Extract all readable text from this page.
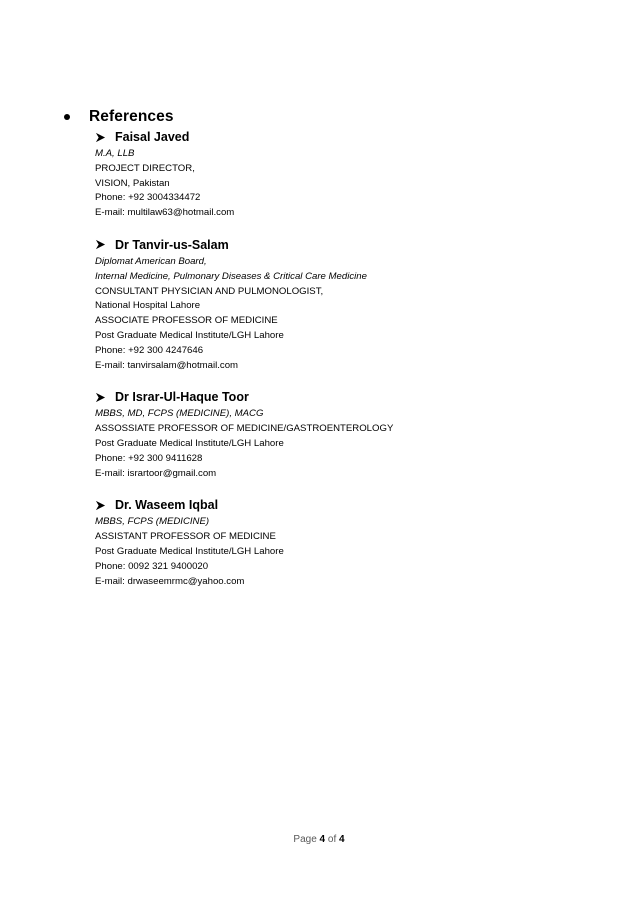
References
Faisal Javed
M.A, LLB
PROJECT DIRECTOR,
VISION, Pakistan
Phone: +92 3004334472
E-mail: multilaw63@hotmail.com
Dr Tanvir-us-Salam
Diplomat American Board,
Internal Medicine, Pulmonary Diseases & Critical Care Medicine
CONSULTANT PHYSICIAN AND PULMONOLOGIST,
National Hospital Lahore
ASSOCIATE PROFESSOR OF MEDICINE
Post Graduate Medical Institute/LGH Lahore
Phone: +92 300 4247646
E-mail: tanvirsalam@hotmail.com
Dr Israr-Ul-Haque Toor
MBBS, MD, FCPS (MEDICINE), MACG
ASSOSSIATE PROFESSOR OF MEDICINE/GASTROENTEROLOGY
Post Graduate Medical Institute/LGH Lahore
Phone: +92 300 9411628
E-mail: isrartoor@gmail.com
Dr. Waseem Iqbal
MBBS, FCPS (MEDICINE)
ASSISTANT PROFESSOR OF MEDICINE
Post Graduate Medical Institute/LGH Lahore
Phone: 0092 321 9400020
E-mail: drwaseemrmc@yahoo.com
Page 4 of 4
